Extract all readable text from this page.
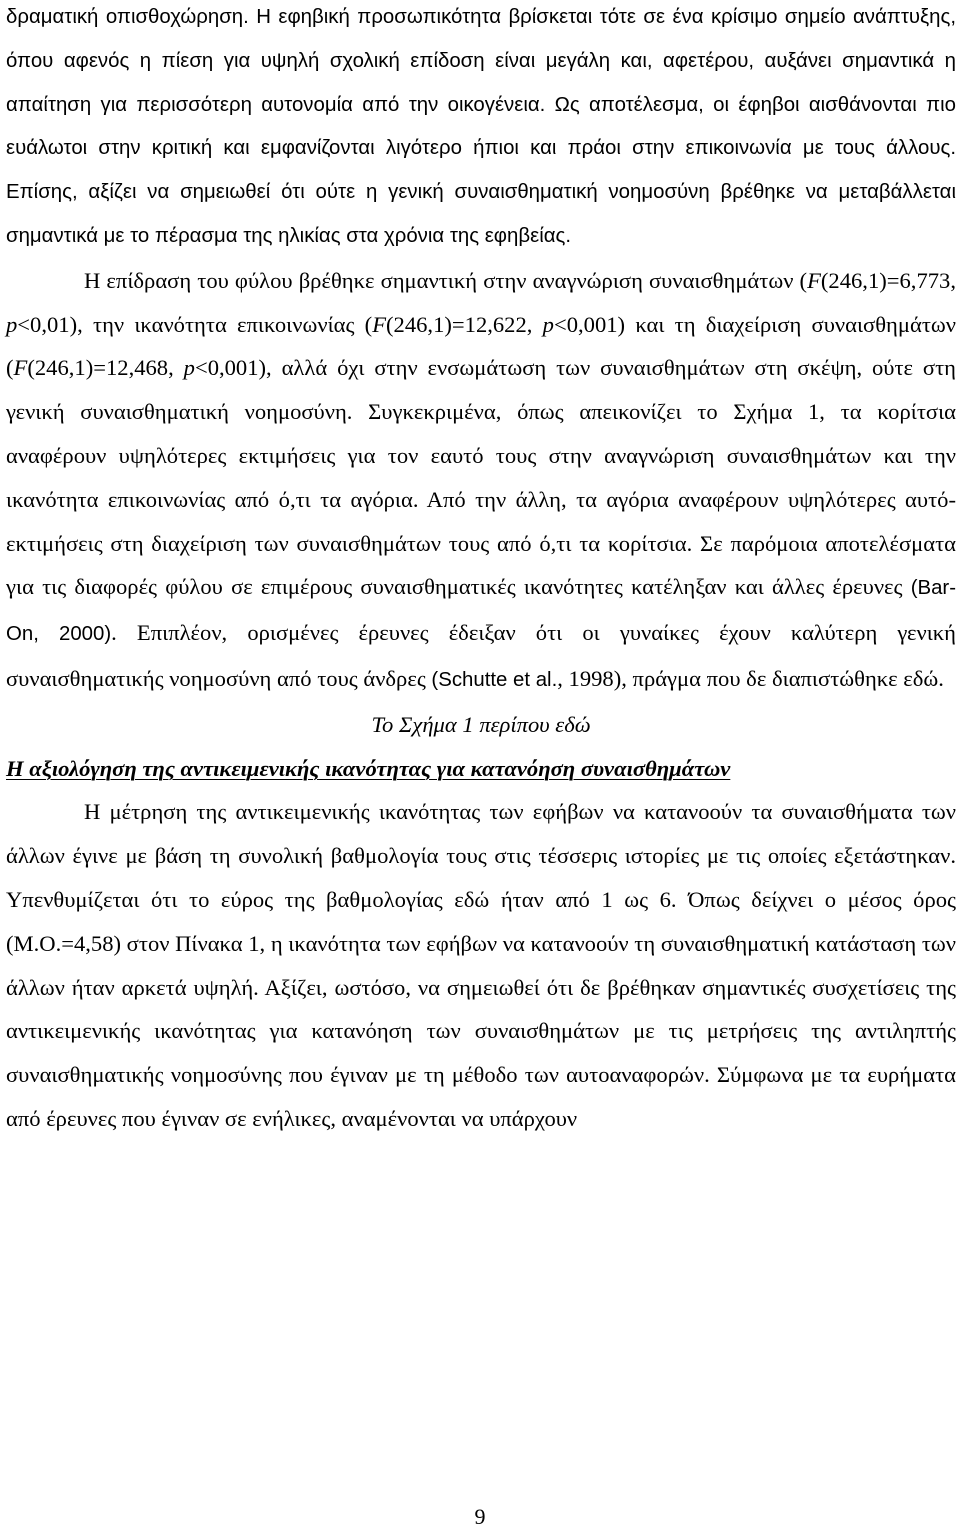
δραματική οπισθοχώρηση. Η εφηβική προσωπικότητα βρίσκεται τότε σε ένα κρίσιμο σημείο ανάπτυξης, όπου αφενός η πίεση για υψηλή σχολική επίδοση είναι μεγάλη και, αφετέρου, αυξάνει σημαντικά η απαίτηση για περισσότερη αυτονομία από την οικογένεια. Ως αποτέλεσμα, οι έφηβοι αισθάνονται πιο ευάλωτοι στην κριτική και εμφανίζονται λιγότερο ήπιοι και πράοι στην επικοινωνία με τους άλλους. Επίσης, αξίζει να σημειωθεί ότι ούτε η γενική συναισθηματική νοημοσύνη βρέθηκε να μεταβάλλεται σημαντικά με το πέρασμα της ηλικίας στα χρόνια της εφηβείας.

Η επίδραση του φύλου βρέθηκε σημαντική στην αναγνώριση συναισθημάτων (F(246,1)=6,773, p<0,01), την ικανότητα επικοινωνίας (F(246,1)=12,622, p<0,001) και τη διαχείριση συναισθημάτων (F(246,1)=12,468, p<0,001), αλλά όχι στην ενσωμάτωση των συναισθημάτων στη σκέψη, ούτε στη γενική συναισθηματική νοημοσύνη. Συγκεκριμένα, όπως απεικονίζει το Σχήμα 1, τα κορίτσια αναφέρουν υψηλότερες εκτιμήσεις για τον εαυτό τους στην αναγνώριση συναισθημάτων και την ικανότητα επικοινωνίας από ό,τι τα αγόρια. Από την άλλη, τα αγόρια αναφέρουν υψηλότερες αυτό-εκτιμήσεις στη διαχείριση των συναισθημάτων τους από ό,τι τα κορίτσια. Σε παρόμοια αποτελέσματα για τις διαφορές φύλου σε επιμέρους συναισθηματικές ικανότητες κατέληξαν και άλλες έρευνες (Bar-On, 2000). Επιπλέον, ορισμένες έρευνες έδειξαν ότι οι γυναίκες έχουν καλύτερη γενική συναισθηματικής νοημοσύνη από τους άνδρες (Schutte et al., 1998), πράγμα που δε διαπιστώθηκε εδώ.

Το Σχήμα 1 περίπου εδώ

Η αξιολόγηση της αντικειμενικής ικανότητας για κατανόηση συναισθημάτων

Η μέτρηση της αντικειμενικής ικανότητας των εφήβων να κατανοούν τα συναισθήματα των άλλων έγινε με βάση τη συνολική βαθμολογία τους στις τέσσερις ιστορίες με τις οποίες εξετάστηκαν. Υπενθυμίζεται ότι το εύρος της βαθμολογίας εδώ ήταν από 1 ως 6. Όπως δείχνει ο μέσος όρος (Μ.Ο.=4,58) στον Πίνακα 1, η ικανότητα των εφήβων να κατανοούν τη συναισθηματική κατάσταση των άλλων ήταν αρκετά υψηλή. Αξίζει, ωστόσο, να σημειωθεί ότι δε βρέθηκαν σημαντικές συσχετίσεις της αντικειμενικής ικανότητας για κατανόηση των συναισθημάτων με τις μετρήσεις της αντιληπτής συναισθηματικής νοημοσύνης που έγιναν με τη μέθοδο των αυτοαναφορών. Σύμφωνα με τα ευρήματα από έρευνες που έγιναν σε ενήλικες, αναμένονται να υπάρχουν

9
